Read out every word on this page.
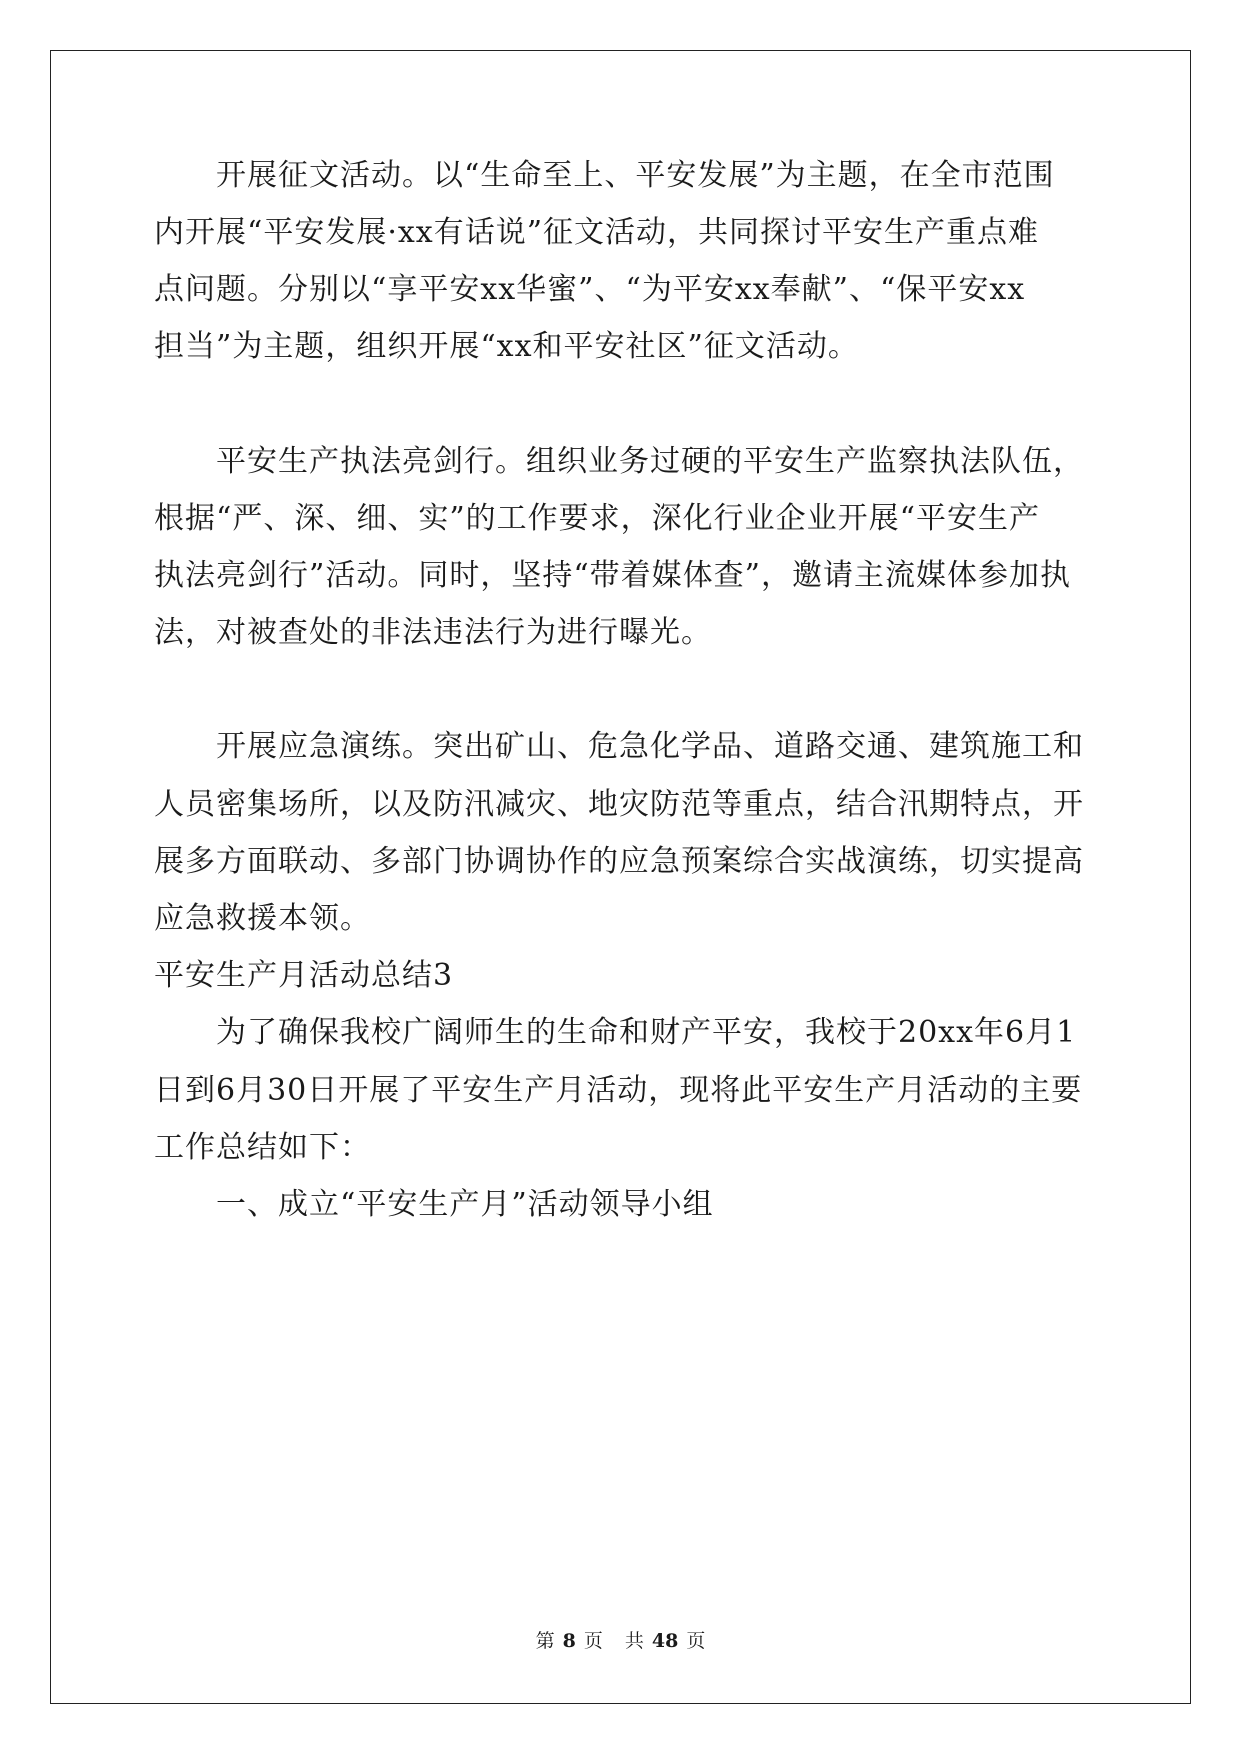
　　开展征文活动。以“生命至上、平安发展”为主题，在全市范围
内开展“平安发展·xx有话说”征文活动，共同探讨平安生产重点难
点问题。分别以“享平安xx华蜜”、“为平安xx奉献”、“保平安xx
担当”为主题，组织开展“xx和平安社区”征文活动。
　　平安生产执法亮剑行。组织业务过硬的平安生产监察执法队伍，
根据“严、深、细、实”的工作要求，深化行业企业开展“平安生产
执法亮剑行”活动。同时，坚持“带着媒体查”，邀请主流媒体参加执
法，对被查处的非法违法行为进行曝光。
　　开展应急演练。突出矿山、危急化学品、道路交通、建筑施工和
人员密集场所，以及防汛减灾、地灾防范等重点，结合汛期特点，开
展多方面联动、多部门协调协作的应急预案综合实战演练，切实提高
应急救援本领。
平安生产月活动总结3
　　为了确保我校广阔师生的生命和财产平安，我校于20xx年6月1
日到6月30日开展了平安生产月活动，现将此平安生产月活动的主要
工作总结如下：
　　一、成立“平安生产月”活动领导小组
第 8 页 共 48 页
